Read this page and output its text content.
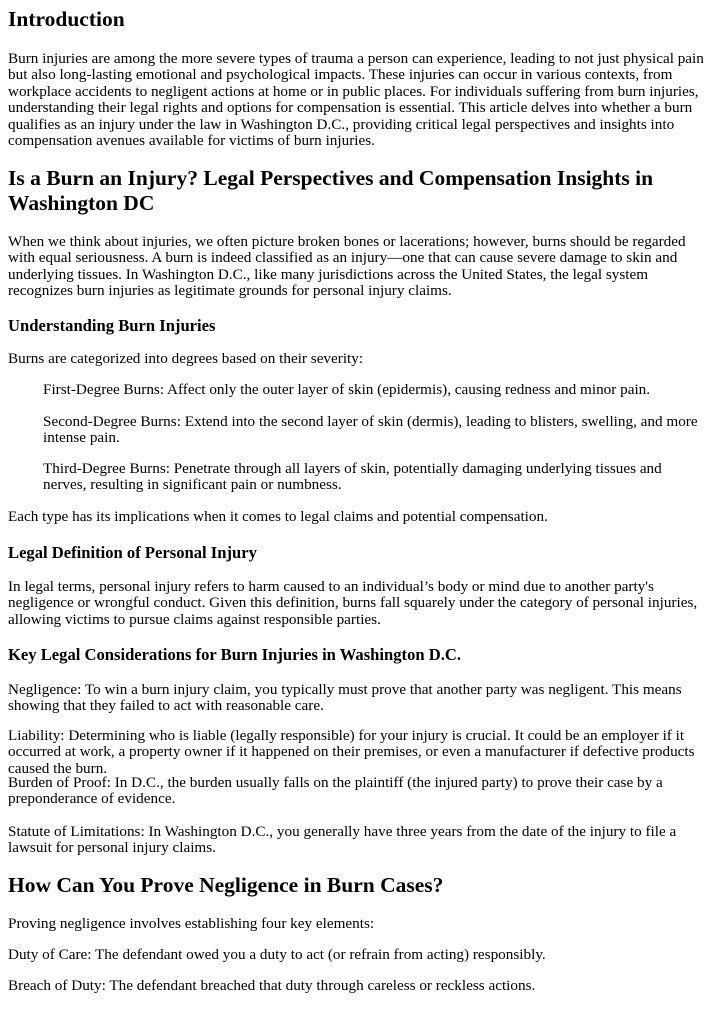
Introduction

Burn injuries are among the more severe types of trauma a person can experience, leading to not just physical pain but also long-lasting emotional and psychological impacts. These injuries can occur in various contexts, from workplace accidents to negligent actions at home or in public places. For individuals suffering from burn injuries, understanding their legal rights and options for compensation is essential. This article delves into whether a burn qualifies as an injury under the law in Washington D.C., providing critical legal perspectives and insights into compensation avenues available for victims of burn injuries.

Is a Burn an Injury? Legal Perspectives and Compensation Insights in Washington DC

When we think about injuries, we often picture broken bones or lacerations; however, burns should be regarded with equal seriousness. A burn is indeed classified as an injury—one that can cause severe damage to skin and underlying tissues. In Washington D.C., like many jurisdictions across the United States, the legal system recognizes burn injuries as legitimate grounds for personal injury claims.

Understanding Burn Injuries

Burns are categorized into degrees based on their severity:

First-Degree Burns: Affect only the outer layer of skin (epidermis), causing redness and minor pain.
Second-Degree Burns: Extend into the second layer of skin (dermis), leading to blisters, swelling, and more intense pain.
Third-Degree Burns: Penetrate through all layers of skin, potentially damaging underlying tissues and nerves, resulting in significant pain or numbness.

Each type has its implications when it comes to legal claims and potential compensation.

Legal Definition of Personal Injury

In legal terms, personal injury refers to harm caused to an individual’s body or mind due to another party's negligence or wrongful conduct. Given this definition, burns fall squarely under the category of personal injuries, allowing victims to pursue claims against responsible parties.

Key Legal Considerations for Burn Injuries in Washington D.C.

Negligence: To win a burn injury claim, you typically must prove that another party was negligent. This means showing that they failed to act with reasonable care.

Liability: Determining who is liable (legally responsible) for your injury is crucial. It could be an employer if it occurred at work, a property owner if it happened on their premises, or even a manufacturer if defective products caused the burn.

Burden of Proof: In D.C., the burden usually falls on the plaintiff (the injured party) to prove their case by a preponderance of evidence.

Statute of Limitations: In Washington D.C., you generally have three years from the date of the injury to file a lawsuit for personal injury claims.

How Can You Prove Negligence in Burn Cases?

Proving negligence involves establishing four key elements:

Duty of Care: The defendant owed you a duty to act (or refrain from acting) responsibly.

Breach of Duty: The defendant breached that duty through careless or reckless actions.
